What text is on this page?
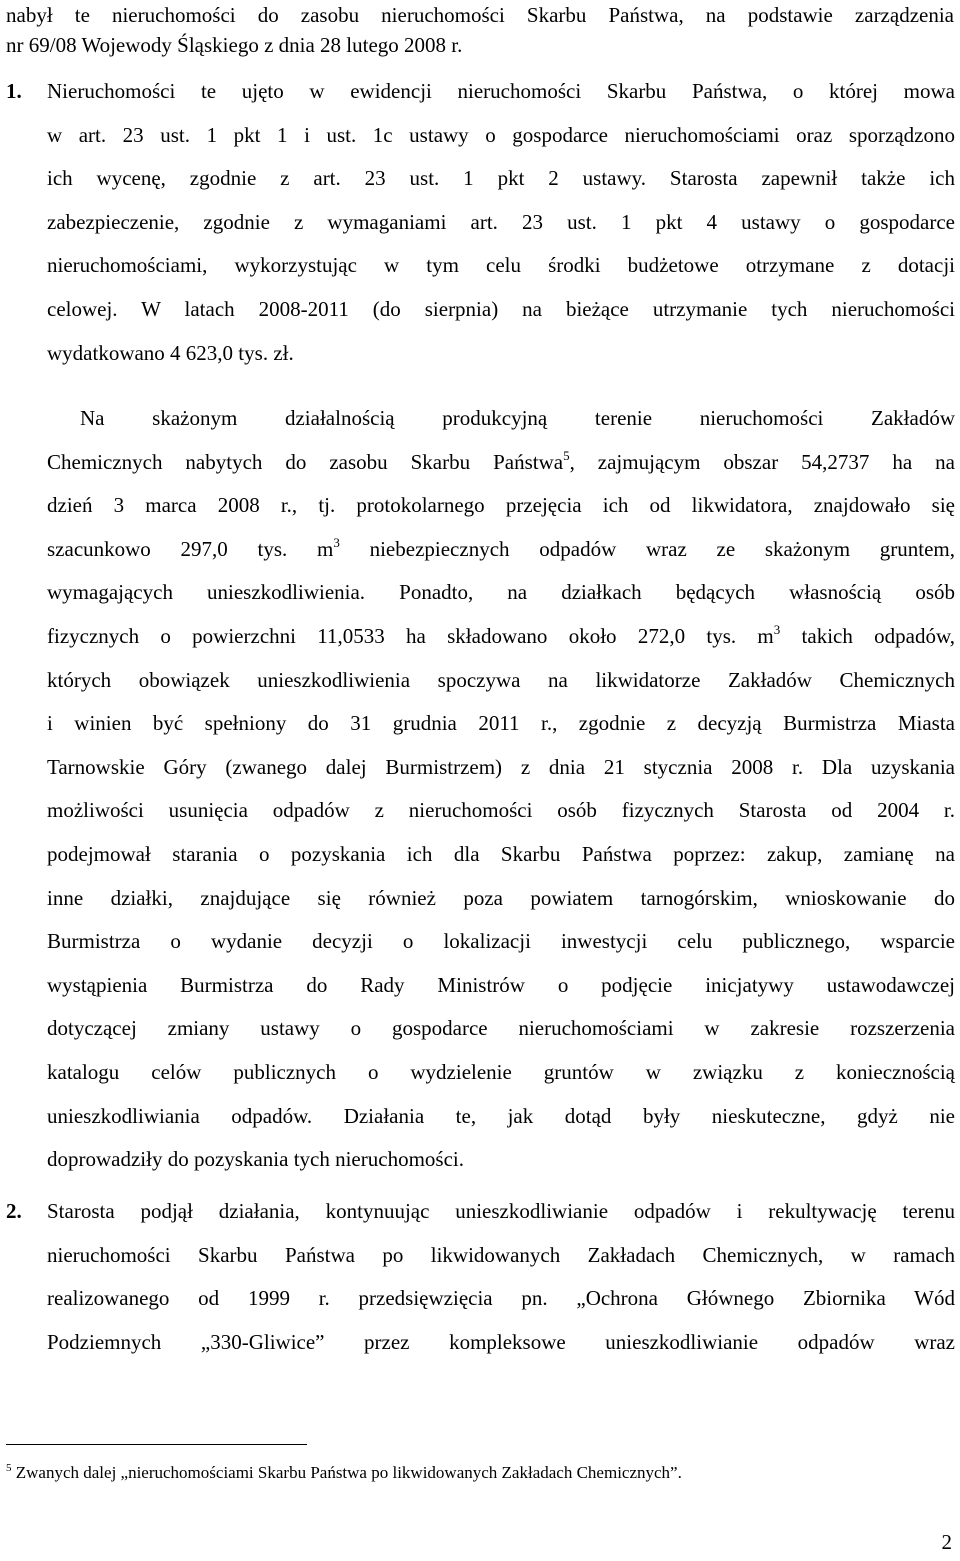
nabył te nieruchomości do zasobu nieruchomości Skarbu Państwa, na podstawie zarządzenia
nr 69/08 Wojewody Śląskiego z dnia 28 lutego 2008 r.
1. Nieruchomości te ujęto w ewidencji nieruchomości Skarbu Państwa, o której mowa
w art. 23 ust. 1 pkt 1 i ust. 1c ustawy o gospodarce nieruchomościami oraz sporządzono
ich wycenę, zgodnie z art. 23 ust. 1 pkt 2 ustawy. Starosta zapewnił także ich
zabezpieczenie, zgodnie z wymaganiami art. 23 ust. 1 pkt 4 ustawy o gospodarce
nieruchomościami, wykorzystując w tym celu środki budżetowe otrzymane z dotacji
celowej. W latach 2008-2011 (do sierpnia) na bieżące utrzymanie tych nieruchomości
wydatkowano 4 623,0 tys. zł.
Na skażonym działalnością produkcyjną terenie nieruchomości Zakładów
Chemicznych nabytych do zasobu Skarbu Państwa$^5$, zajmującym obszar 54,2737 ha na
dzień 3 marca 2008 r., tj. protokolarnego przejęcia ich od likwidatora, znajdowało się
szacunkowo 297,0 tys. $m^3$ niebezpiecznych odpadów wraz ze skażonym gruntem,
wymagających unieszkodliwienia. Ponadto, na działkach będących własnością osób
fizycznych o powierzchni 11,0533 ha składowano około 272,0 tys. $m^3$ takich odpadów,
których obowiązek unieszkodliwienia spoczywa na likwidatorze Zakładów Chemicznych
i winien być spełniony do 31 grudnia 2011 r., zgodnie z decyzją Burmistrza Miasta
Tarnowskie Góry (zwanego dalej Burmistrzem) z dnia 21 stycznia 2008 r. Dla uzyskania
możliwości usunięcia odpadów z nieruchomości osób fizycznych Starosta od 2004 r.
podejmował starania o pozyskania ich dla Skarbu Państwa poprzez: zakup, zamianę na
inne działki, znajdujące się również poza powiatem tarnogórskim, wnioskowanie do
Burmistrza o wydanie decyzji o lokalizacji inwestycji celu publicznego, wsparcie
wystąpienia Burmistrza do Rady Ministrów o podjęcie inicjatywy ustawodawczej
dotyczącej zmiany ustawy o gospodarce nieruchomościami w zakresie rozszerzenia
katalogu celów publicznych o wydzielenie gruntów w związku z koniecznością
unieszkodliwiania odpadów. Działania te, jak dotąd były nieskuteczne, gdyż nie
doprowadziły do pozyskania tych nieruchomości.
2. Starosta podjął działania, kontynuując unieszkodliwianie odpadów i rekultywację terenu
nieruchomości Skarbu Państwa po likwidowanych Zakładach Chemicznych, w ramach
realizowanego od 1999 r. przedsięwzięcia pn. „Ochrona Głównego Zbiornika Wód
Podziemnych „330-Gliwice” przez kompleksowe unieszkodliwianie odpadów wraz
$^5$ Zwanych dalej „nieruchomościami Skarbu Państwa po likwidowanych Zakładach Chemicznych”.
2
